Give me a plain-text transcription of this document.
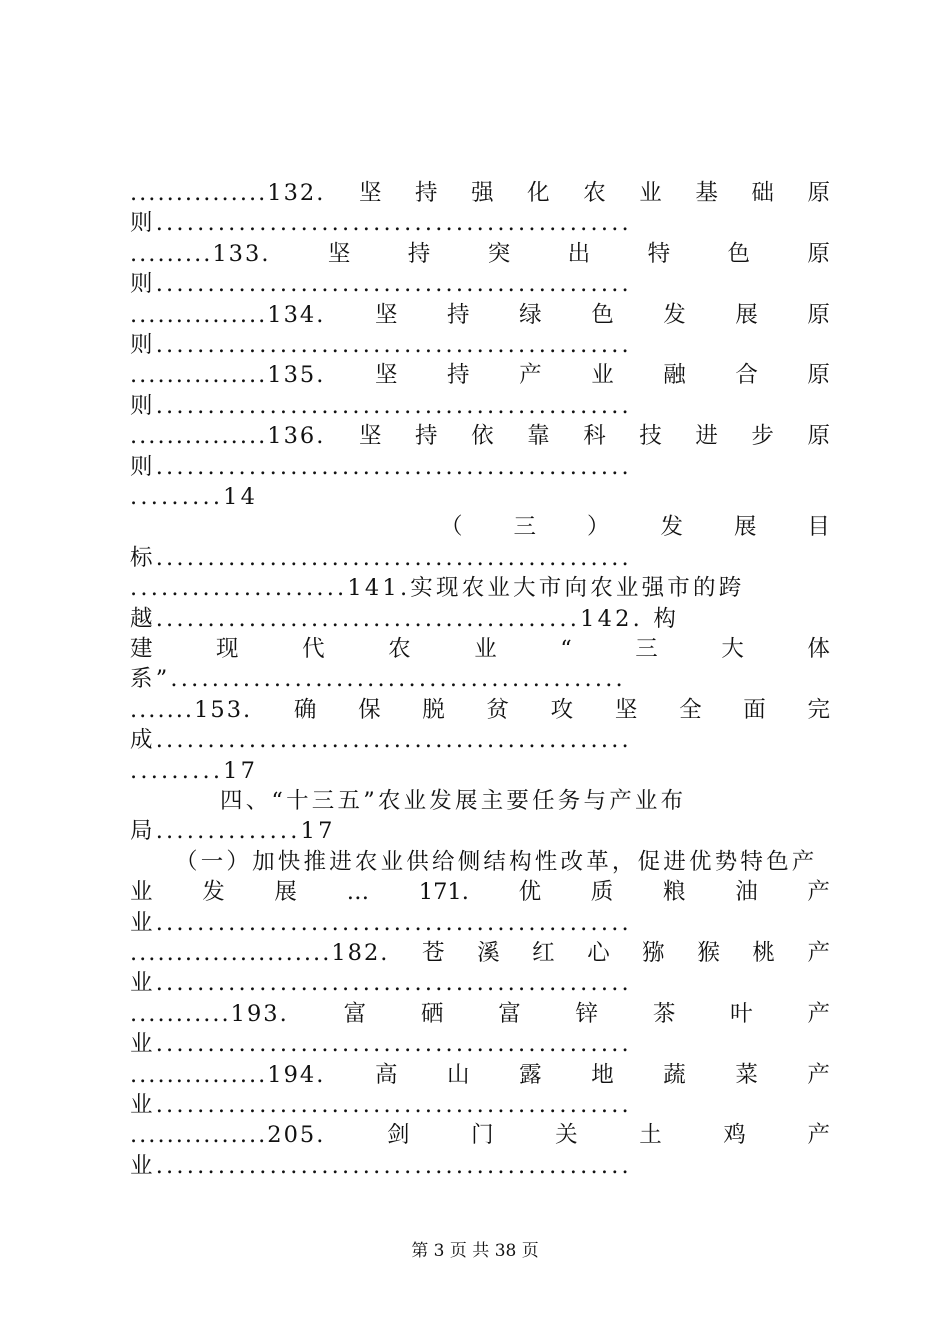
...............132. 坚 持 强 化 农 业 基 础 原
则..............................................
.........133.	坚	持	突	出	特	色	原
则..............................................
...............134. 坚 持 绿 色 发 展 原
则..............................................
...............135. 坚 持 产 业 融 合 原
则..............................................
...............136. 坚 持 依 靠 科 技 进 步 原
则..............................................
.........14
（ 三 ） 发 展 目
标..............................................
.....................141.实现农业大市向农业强市的跨
越.........................................142. 构
建	现	代	农	业	“	三	大	体
系”............................................
.......153. 确 保 脱 贫 攻 坚 全 面 完
成..............................................
.........17
四、“十三五”农业发展主要任务与产业布
局..............17
（一）加快推进农业供给侧结构性改革，促进优势特色产
业 发 展 … 171. 优 质 粮 油 产
业..............................................
......................182. 苍 溪 红 心 猕 猴 桃 产
业..............................................
...........193. 富 硒 富 锌 茶 叶 产
业..............................................
...............194. 高 山 露 地 蔬 菜 产
业..............................................
...............205.	剑	门	关	土	鸡	产
业..............................................
第 3 页 共 38 页
